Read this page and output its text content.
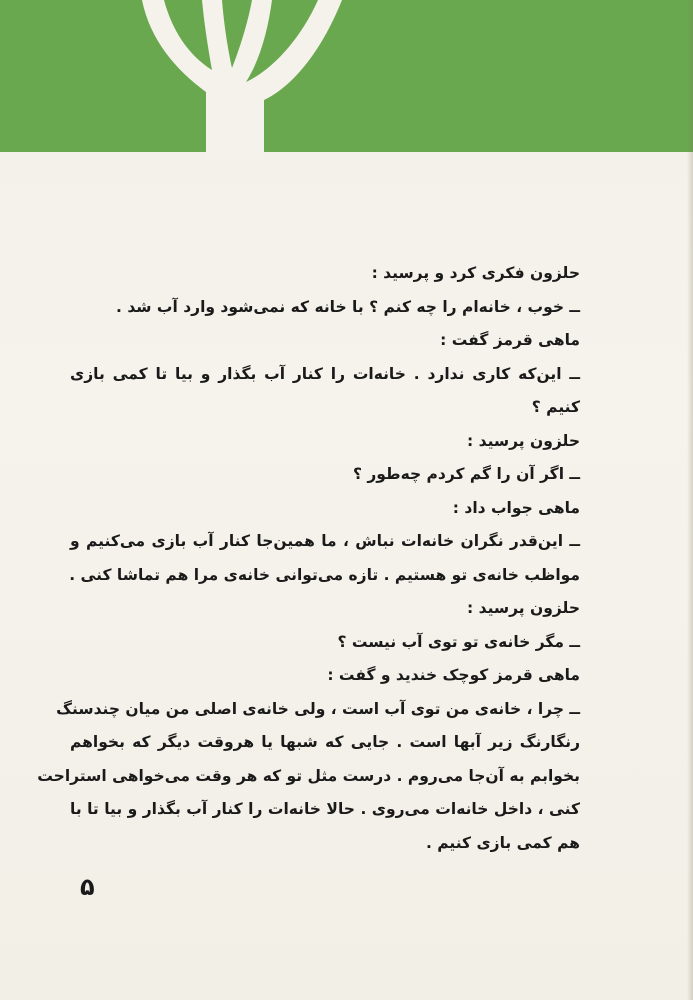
حلزون فکری کرد و پرسید :
ــ خوب ، خانه‌ام را چه کنم ؟ با خانه که نمی‌شود وارد آب شد .
ماهی قرمز گفت :
ــ این‌که کاری ندارد . خانه‌ات را کنار آب بگذار و بیا تا کمی بازی
کنیم ؟
حلزون پرسید :
ــ اگر آن را گم کردم چه‌طور ؟
ماهی جواب داد :
ــ این‌قدر نگران خانه‌ات نباش ، ما همین‌جا کنار آب بازی می‌کنیم و
مواظب خانه‌ی تو هستیم . تازه می‌توانی خانه‌ی مرا هم تماشا کنی .
حلزون پرسید :
ــ مگر خانه‌ی تو توی آب نیست ؟
ماهی قرمز کوچک خندید و گفت :
ــ چرا ، خانه‌ی من توی آب است ، ولی خانه‌ی اصلی من میان چندسنگ
رنگارنگ زیر آبها است . جایی که شبها یا هروقت دیگر که بخواهم
بخوابم به آن‌جا می‌روم . درست مثل تو که هر وقت می‌خواهی استراحت
کنی ، داخل خانه‌ات می‌روی . حالا خانه‌ات را کنار آب بگذار و بیا تا با
هم کمی بازی کنیم .
۵
